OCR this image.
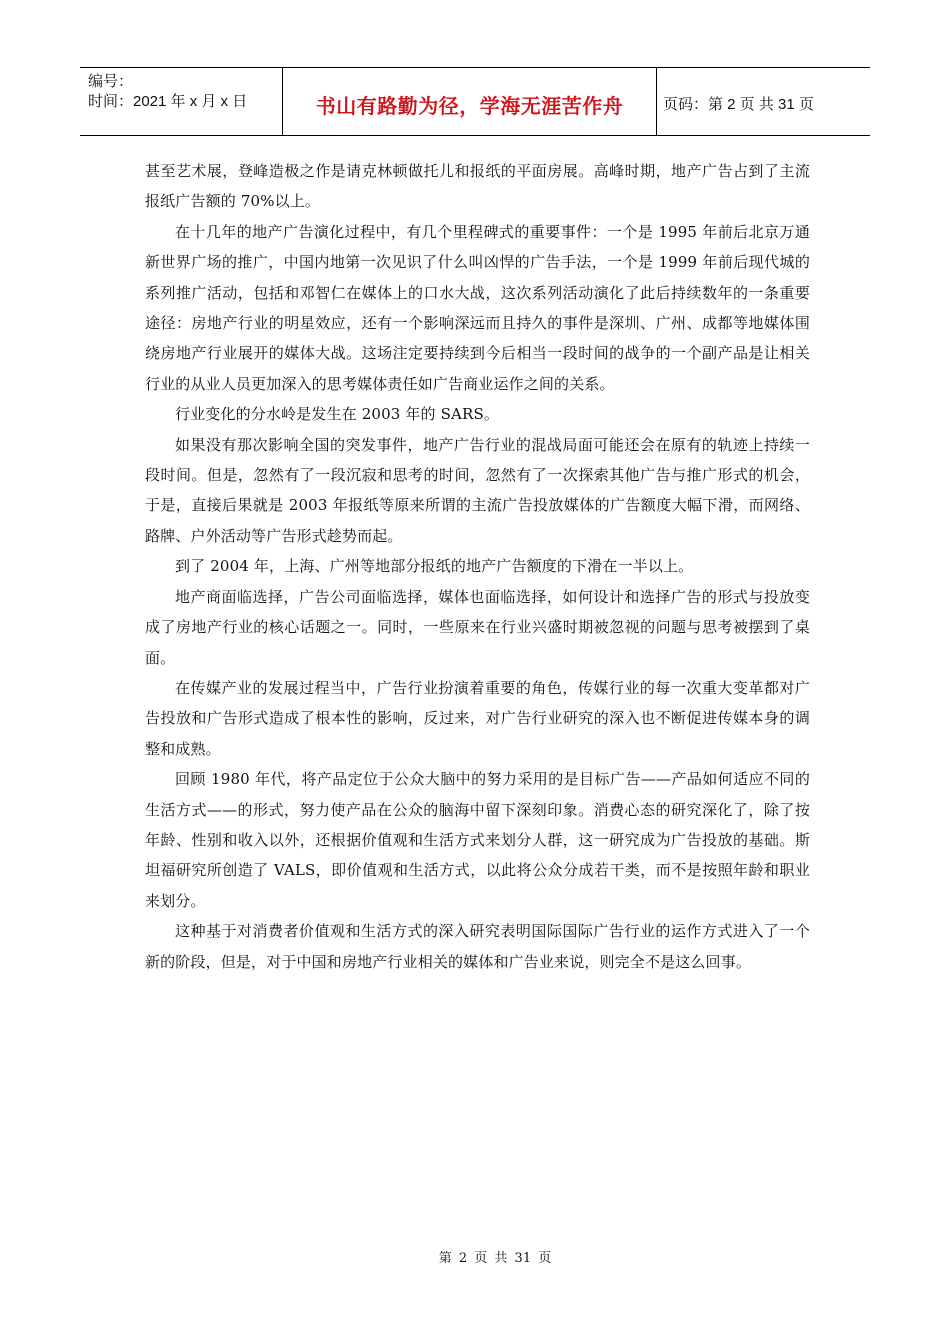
编号：
时间：2021 年 x 月 x 日	书山有路勤为径，学海无涯苦作舟	页码：第 2 页 共 31 页

甚至艺术展，登峰造极之作是请克林顿做托儿和报纸的平面房展。高峰时期，地产广告占到了主流报纸广告额的 70%以上。

在十几年的地产广告演化过程中，有几个里程碑式的重要事件：一个是 1995 年前后北京万通新世界广场的推广，中国内地第一次见识了什么叫凶悍的广告手法，一个是 1999 年前后现代城的系列推广活动，包括和邓智仁在媒体上的口水大战，这次系列活动演化了此后持续数年的一条重要途径：房地产行业的明星效应，还有一个影响深远而且持久的事件是深圳、广州、成都等地媒体围绕房地产行业展开的媒体大战。这场注定要持续到今后相当一段时间的战争的一个副产品是让相关行业的从业人员更加深入的思考媒体责任如广告商业运作之间的关系。

行业变化的分水岭是发生在 2003 年的 SARS。

如果没有那次影响全国的突发事件，地产广告行业的混战局面可能还会在原有的轨迹上持续一段时间。但是，忽然有了一段沉寂和思考的时间，忽然有了一次探索其他广告与推广形式的机会，于是，直接后果就是 2003 年报纸等原来所谓的主流广告投放媒体的广告额度大幅下滑，而网络、路牌、户外活动等广告形式趁势而起。

到了 2004 年，上海、广州等地部分报纸的地产广告额度的下滑在一半以上。

地产商面临选择，广告公司面临选择，媒体也面临选择，如何设计和选择广告的形式与投放变成了房地产行业的核心话题之一。同时，一些原来在行业兴盛时期被忽视的问题与思考被摆到了桌面。

在传媒产业的发展过程当中，广告行业扮演着重要的角色，传媒行业的每一次重大变革都对广告投放和广告形式造成了根本性的影响，反过来，对广告行业研究的深入也不断促进传媒本身的调整和成熟。

回顾 1980 年代，将产品定位于公众大脑中的努力采用的是目标广告——产品如何适应不同的生活方式——的形式，努力使产品在公众的脑海中留下深刻印象。消费心态的研究深化了，除了按年龄、性别和收入以外，还根据价值观和生活方式来划分人群，这一研究成为广告投放的基础。斯坦福研究所创造了 VALS，即价值观和生活方式，以此将公众分成若干类，而不是按照年龄和职业来划分。

这种基于对消费者价值观和生活方式的深入研究表明国际国际广告行业的运作方式进入了一个新的阶段，但是，对于中国和房地产行业相关的媒体和广告业来说，则完全不是这么回事。

第 2 页 共 31 页
